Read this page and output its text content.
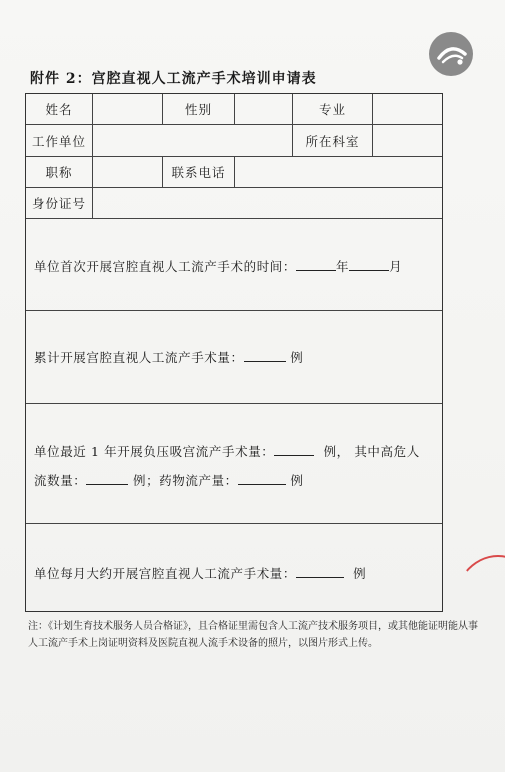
附件 2：宫腔直视人工流产手术培训申请表
姓名	性别	专业
工作单位	所在科室
职称	联系电话
身份证号
单位首次开展宫腔直视人工流产手术的时间：	年	月
累计开展宫腔直视人工流产手术量：	例
单位最近 1 年开展负压吸宫流产手术量：	例， 其中高危人
流数量：	例；药物流产量：	例
单位每月大约开展宫腔直视人工流产手术量：	例
注：《计划生育技术服务人员合格证》，且合格证里需包含人工流产技术服务项目，或其他能证明能从事人工流产手术上岗证明资料及医院直视人流手术设备的照片，以图片形式上传。
